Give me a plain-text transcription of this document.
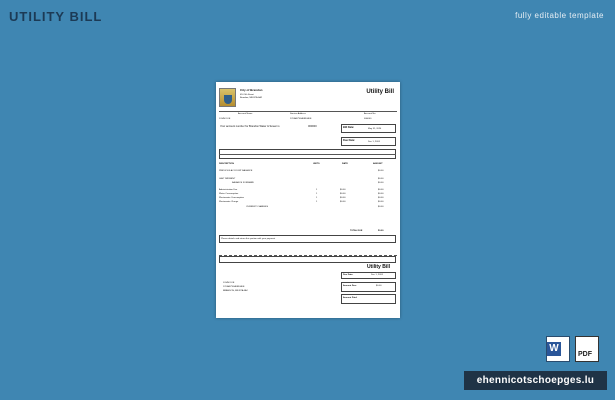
UTILITY BILL	fully editable template
City of Brandon
410 9th Street
Brandon, MB R7A 6A2
Utility Bill
Account Name	Service Address	Account No.
JOHN DOE	123 ANYWHERE AVE	000000
Your account number for Brandon Water & Sewer is	000000	Bill Date:	May 31, 2024
Due Date:	Dec 1, 2024
DESCRIPTION	UNITS	RATE	AMOUNT
PREVIOUS ACCOUNT BALANCE	$0.00
LAST PAYMENT	$0.00
BALANCE FORWARD	$0.00
Administration Fee	1	$0.00	$0.00
Water Consumption	1	$0.00	$0.00
Wastewater Consumption	1	$0.00	$0.00
Wastewater Charge	1	$0.00	$0.00
CURRENT CHARGES	$0.00
TOTAL DUE	$0.00
Please detach and return this portion with your payment
Utility Bill
Due Date:	Dec 1, 2024
Amount Due:	$0.00
Amount Paid:
JOHN DOE
123 ANYWHERE AVE
BRANDON, MB R7A 6A2
W
PDF
ehennicotschoepges.lu
